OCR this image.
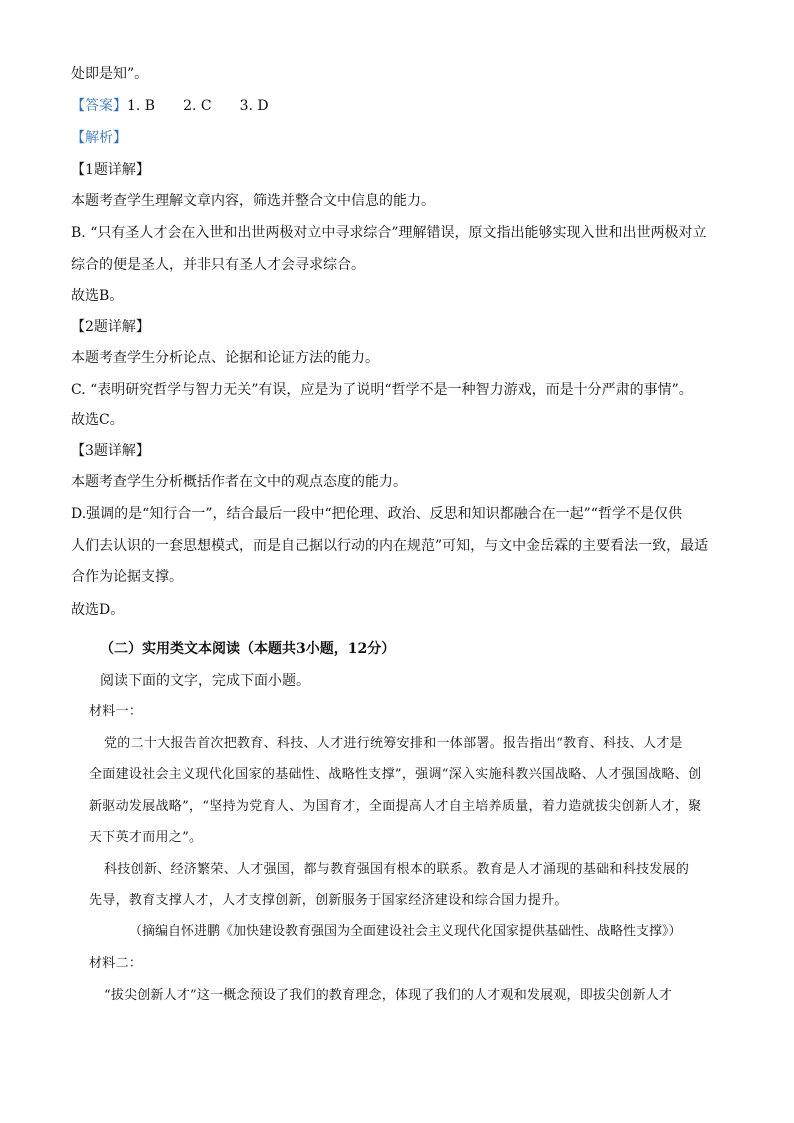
处即是知”。
【答案】1. B　　2. C　　3. D
【解析】
【1题详解】
本题考查学生理解文章内容，筛选并整合文中信息的能力。
B. “只有圣人才会在入世和出世两极对立中寻求综合”理解错误，原文指出能够实现入世和出世两极对立
综合的便是圣人，并非只有圣人才会寻求综合。
故选B。
【2题详解】
本题考查学生分析论点、论据和论证方法的能力。
C. “表明研究哲学与智力无关”有误，应是为了说明“哲学不是一种智力游戏，而是十分严肃的事情”。
故选C。
【3题详解】
本题考查学生分析概括作者在文中的观点态度的能力。
D.强调的是“知行合一”，结合最后一段中“把伦理、政治、反思和知识都融合在一起”“哲学不是仅供
人们去认识的一套思想模式，而是自己据以行动的内在规范”可知，与文中金岳霖的主要看法一致，最适
合作为论据支撑。
故选D。
（二）实用类文本阅读（本题共3小题，12分）
阅读下面的文字，完成下面小题。
材料一：
党的二十大报告首次把教育、科技、人才进行统筹安排和一体部署。报告指出“教育、科技、人才是
全面建设社会主义现代化国家的基础性、战略性支撑”，强调“深入实施科教兴国战略、人才强国战略、创
新驱动发展战略”，“坚持为党育人、为国育才，全面提高人才自主培养质量，着力造就拔尖创新人才，聚
天下英才而用之”。
科技创新、经济繁荣、人才强国，都与教育强国有根本的联系。教育是人才涌现的基础和科技发展的
先导，教育支撑人才，人才支撑创新，创新服务于国家经济建设和综合国力提升。
（摘编自怀进鹏《加快建设教育强国为全面建设社会主义现代化国家提供基础性、战略性支撑》）
材料二：
“拔尖创新人才”这一概念预设了我们的教育理念，体现了我们的人才观和发展观，即拔尖创新人才
